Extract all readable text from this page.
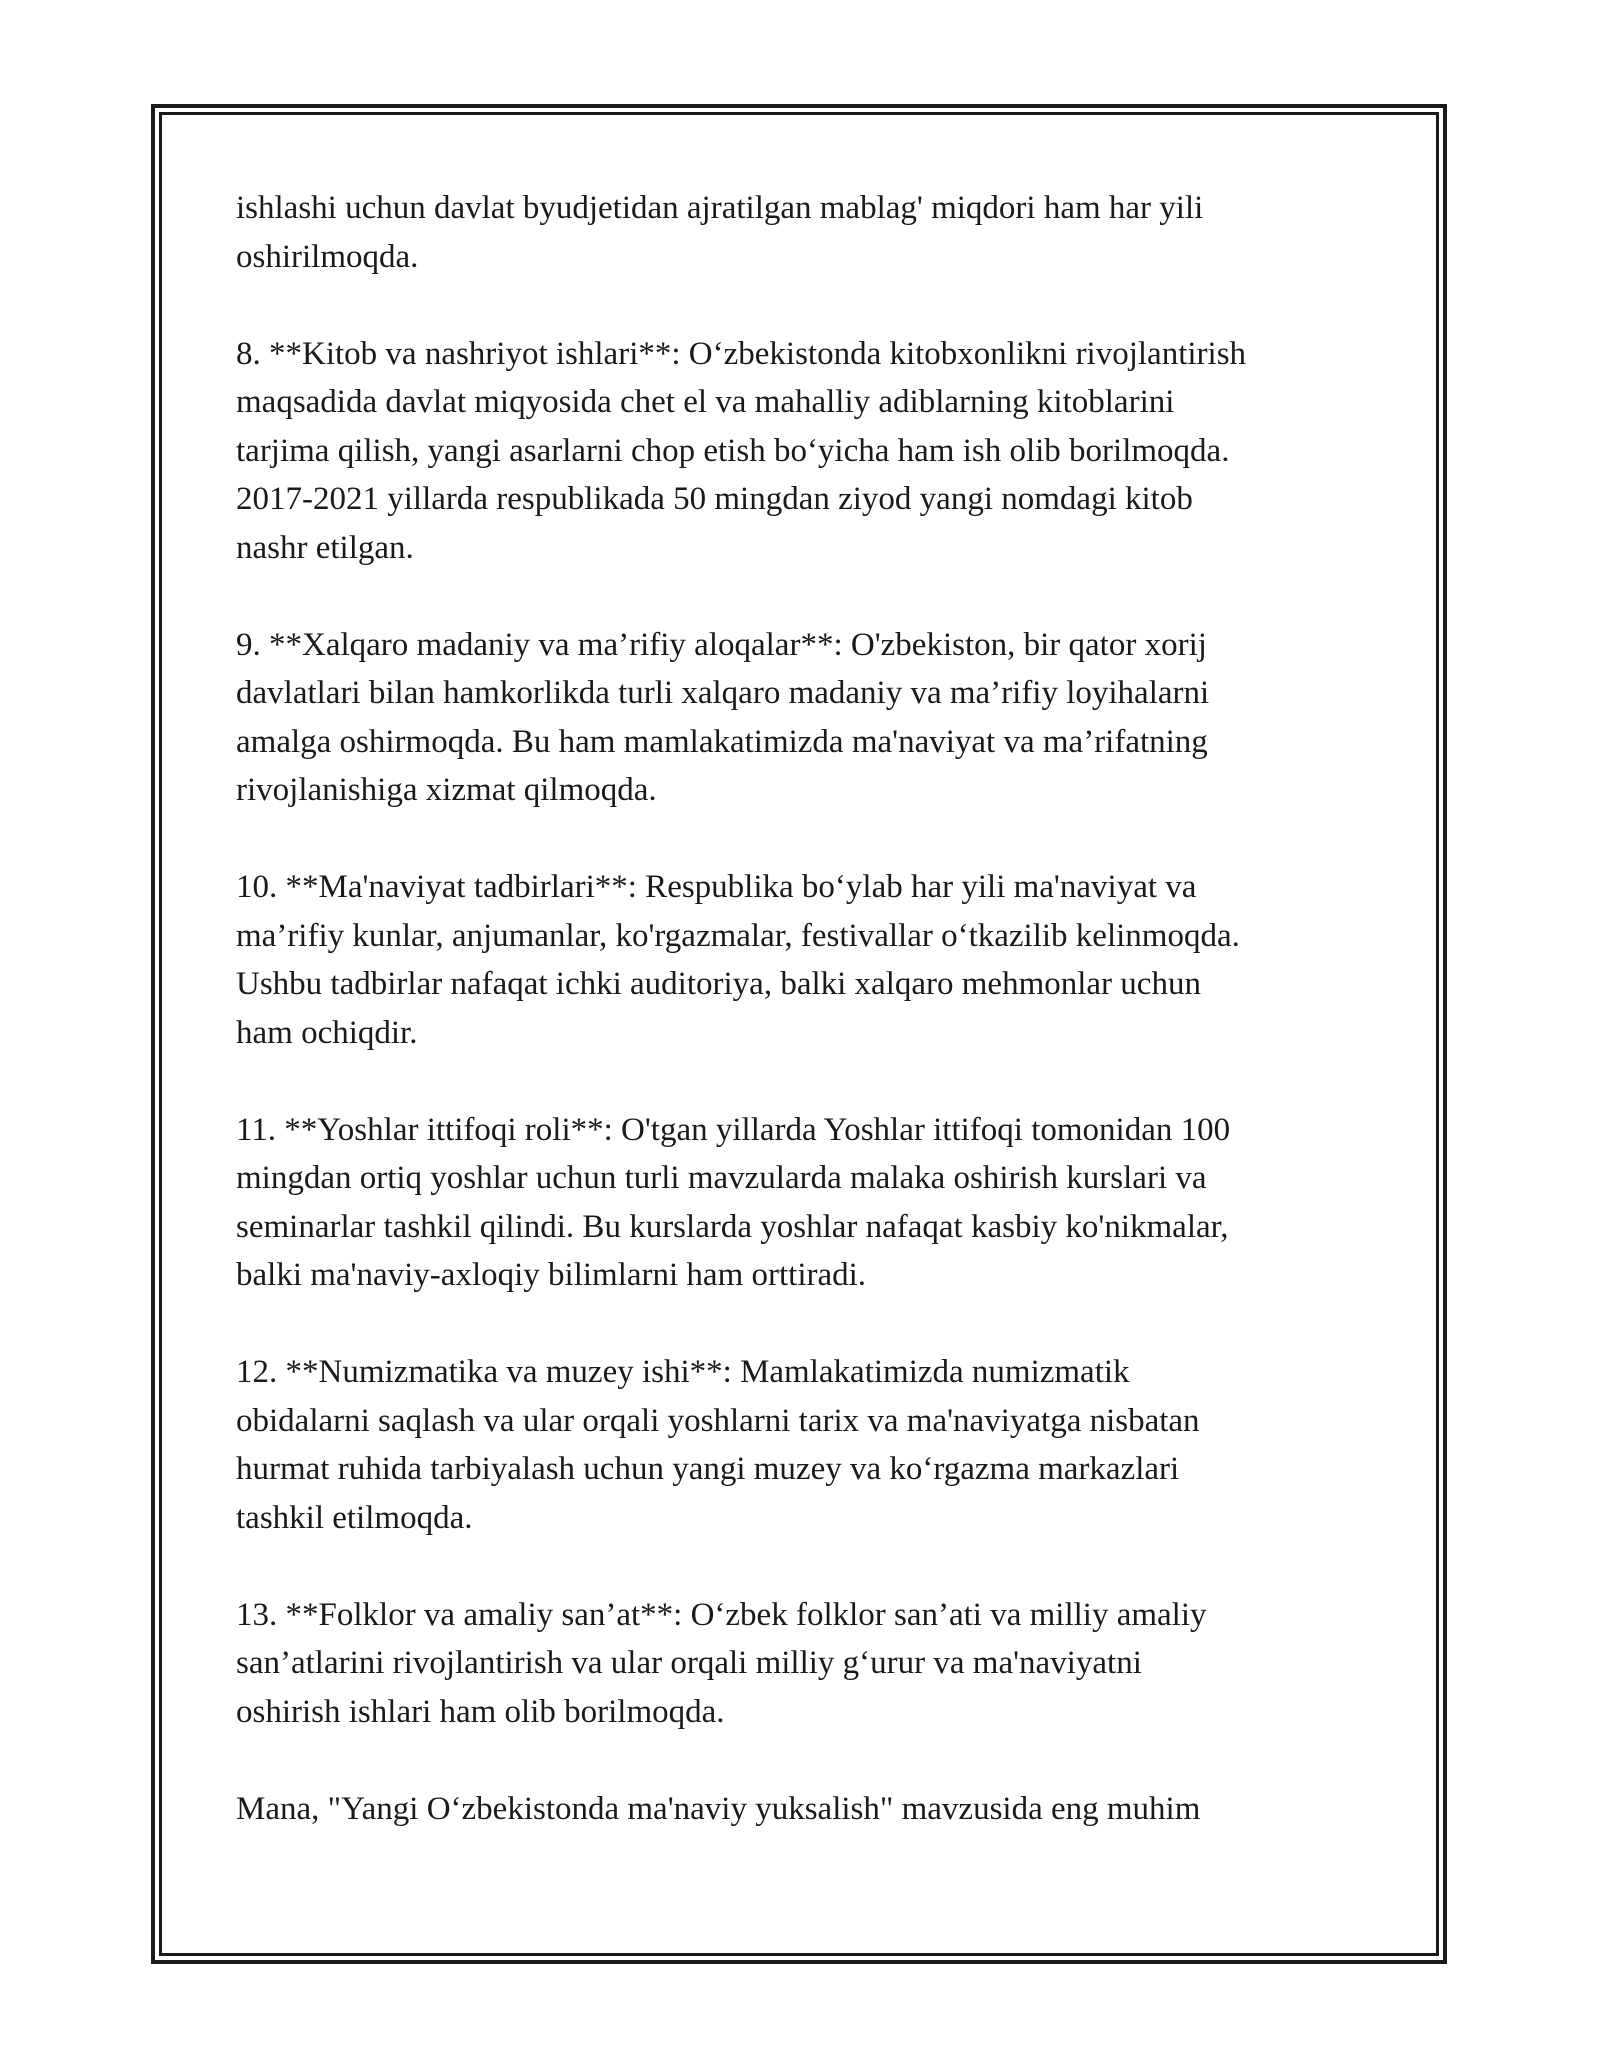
ishlashi uchun davlat byudjetidan ajratilgan mablag' miqdori ham har yili
oshirilmoqda.

8. **Kitob va nashriyot ishlari**: O‘zbekistonda kitobxonlikni rivojlantirish
maqsadida davlat miqyosida chet el va mahalliy adiblarning kitoblarini
tarjima qilish, yangi asarlarni chop etish bo‘yicha ham ish olib borilmoqda.
2017-2021 yillarda respublikada 50 mingdan ziyod yangi nomdagi kitob
nashr etilgan.

9. **Xalqaro madaniy va ma’rifiy aloqalar**: O'zbekiston, bir qator xorij
davlatlari bilan hamkorlikda turli xalqaro madaniy va ma’rifiy loyihalarni
amalga oshirmoqda. Bu ham mamlakatimizda ma'naviyat va ma’rifatning
rivojlanishiga xizmat qilmoqda.

10. **Ma'naviyat tadbirlari**: Respublika bo‘ylab har yili ma'naviyat va
ma’rifiy kunlar, anjumanlar, ko'rgazmalar, festivallar o‘tkazilib kelinmoqda.
Ushbu tadbirlar nafaqat ichki auditoriya, balki xalqaro mehmonlar uchun
ham ochiqdir.

11. **Yoshlar ittifoqi roli**: O'tgan yillarda Yoshlar ittifoqi tomonidan 100
mingdan ortiq yoshlar uchun turli mavzularda malaka oshirish kurslari va
seminarlar tashkil qilindi. Bu kurslarda yoshlar nafaqat kasbiy ko'nikmalar,
balki ma'naviy-axloqiy bilimlarni ham orttiradi.

12. **Numizmatika va muzey ishi**: Mamlakatimizda numizmatik
obidalarni saqlash va ular orqali yoshlarni tarix va ma'naviyatga nisbatan
hurmat ruhida tarbiyalash uchun yangi muzey va ko‘rgazma markazlari
tashkil etilmoqda.

13. **Folklor va amaliy san’at**: O‘zbek folklor san’ati va milliy amaliy
san’atlarini rivojlantirish va ular orqali milliy g‘urur va ma'naviyatni
oshirish ishlari ham olib borilmoqda.

Mana, "Yangi O‘zbekistonda ma'naviy yuksalish" mavzusida eng muhim
